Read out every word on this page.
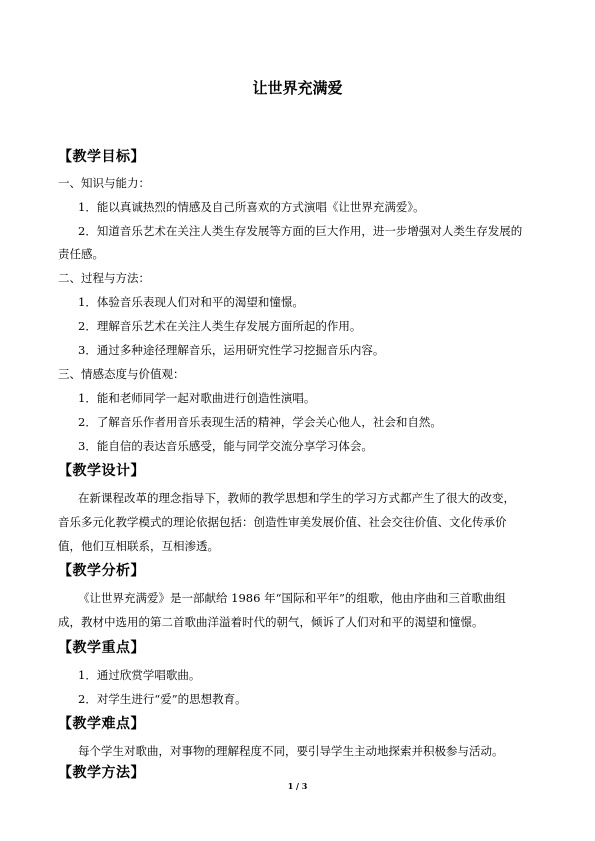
让世界充满爱
【教学目标】
一、知识与能力：
1．能以真诚热烈的情感及自己所喜欢的方式演唱《让世界充满爱》。
2．知道音乐艺术在关注人类生存发展等方面的巨大作用，进一步增强对人类生存发展的
责任感。
二、过程与方法：
1．体验音乐表现人们对和平的渴望和憧憬。
2．理解音乐艺术在关注人类生存发展方面所起的作用。
3．通过多种途径理解音乐，运用研究性学习挖掘音乐内容。
三、情感态度与价值观：
1．能和老师同学一起对歌曲进行创造性演唱。
2．了解音乐作者用音乐表现生活的精神，学会关心他人，社会和自然。
3．能自信的表达音乐感受，能与同学交流分享学习体会。
【教学设计】
在新课程改革的理念指导下，教师的教学思想和学生的学习方式都产生了很大的改变，
音乐多元化教学模式的理论依据包括：创造性审美发展价值、社会交往价值、文化传承价
值，他们互相联系，互相渗透。
【教学分析】
《让世界充满爱》是一部献给 1986 年“国际和平年”的组歌，他由序曲和三首歌曲组
成，教材中选用的第二首歌曲洋溢着时代的朝气，倾诉了人们对和平的渴望和憧憬。
【教学重点】
1．通过欣赏学唱歌曲。
2．对学生进行“爱”的思想教育。
【教学难点】
每个学生对歌曲，对事物的理解程度不同，要引导学生主动地探索并积极参与活动。
【教学方法】
1 / 3
